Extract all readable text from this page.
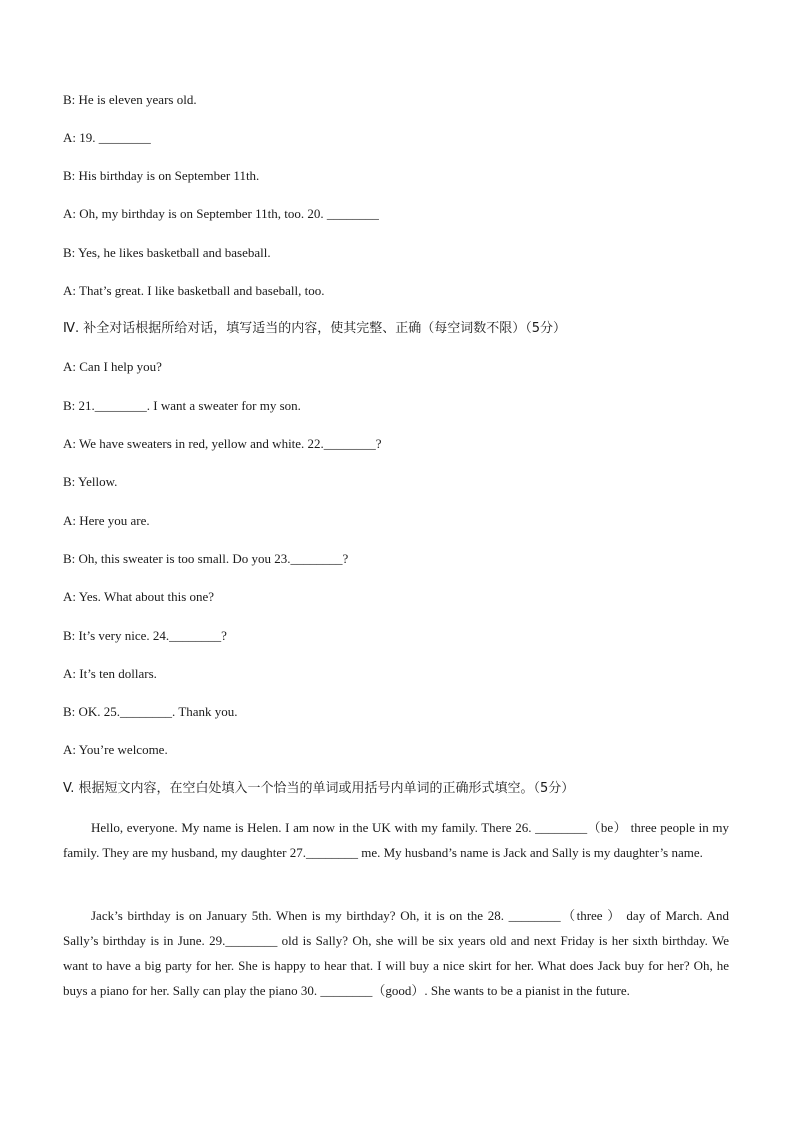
B: He is eleven years old.
A: 19. ________
B: His birthday is on September 11th.
A: Oh, my birthday is on September 11th, too. 20. ________
B: Yes, he likes basketball and baseball.
A: That’s great. I like basketball and baseball, too.
Ⅳ. 补全对话根据所给对话，填写适当的内容，使其完整、正确（每空词数不限）（5分）
A: Can I help you?
B: 21.________. I want a sweater for my son.
A: We have sweaters in red, yellow and white. 22.________?
B: Yellow.
A: Here you are.
B: Oh, this sweater is too small. Do you 23.________?
A: Yes. What about this one?
B: It’s very nice. 24.________?
A: It’s ten dollars.
B: OK. 25.________. Thank you.
A: You’re welcome.
V. 根据短文内容，在空白处填入一个恰当的单词或用括号内单词的正确形式填空。（5分）
Hello, everyone. My name is Helen. I am now in the UK with my family. There 26. ________（be） three people in my family. They are my husband, my daughter 27.________ me. My husband’s name is Jack and Sally is my daughter’s name.
Jack’s birthday is on January 5th. When is my birthday? Oh, it is on the 28. ________（three ） day of March. And Sally’s birthday is in June. 29.________ old is Sally? Oh, she will be six years old and next Friday is her sixth birthday. We want to have a big party for her. She is happy to hear that. I will buy a nice skirt for her. What does Jack buy for her? Oh, he buys a piano for her. Sally can play the piano 30. ________（good）. She wants to be a pianist in the future.
